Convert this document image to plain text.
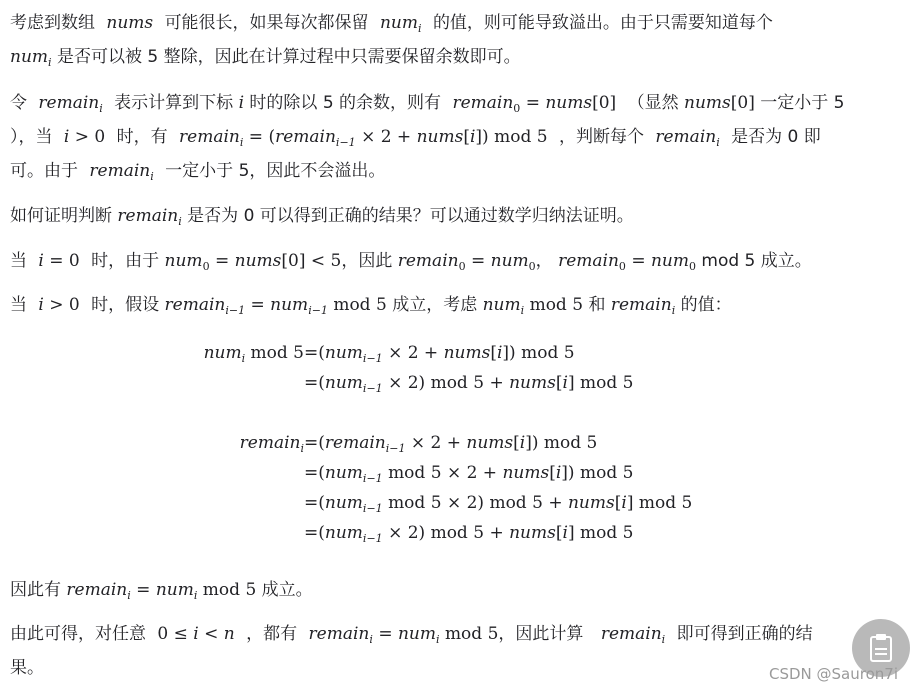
考虑到数组 nums 可能很长，如果每次都保留 num$_i$ 的值，则可能导致溢出。由于只需要知道每个
num$_i$ 是否可以被 5 整除，因此在计算过程中只需要保留余数即可。
令 remain$_i$ 表示计算到下标 i 时的除以 5 的余数，则有 remain$_0$ = nums[0] （显然 nums[0] 一定小于 5
），当 i > 0 时，有 remain$_i$ = (remain$_{i-1}$ × 2 + nums[i]) mod 5 ，判断每个 remain$_i$ 是否为 0 即
可。由于 remain$_i$ 一定小于 5，因此不会溢出。
如何证明判断 remain$_i$ 是否为 0 可以得到正确的结果？可以通过数学归纳法证明。
当 i = 0 时，由于 num$_0$ = nums[0] < 5，因此 remain$_0$ = num$_0$， remain$_0$ = num$_0$ mod 5 成立。
当 i > 0 时，假设 remain$_{i-1}$ = num$_{i-1}$ mod 5 成立，考虑 num$_i$ mod 5 和 remain$_i$ 的值：
num$_i$ mod 5 =(num$_{i-1}$ × 2 + nums[i]) mod 5
=(num$_{i-1}$ × 2) mod 5 + nums[i] mod 5
remain$_i$ =(remain$_{i-1}$ × 2 + nums[i]) mod 5
=(num$_{i-1}$ mod 5 × 2 + nums[i]) mod 5
=(num$_{i-1}$ mod 5 × 2) mod 5 + nums[i] mod 5
=(num$_{i-1}$ × 2) mod 5 + nums[i] mod 5
因此有 remain$_i$ = num$_i$ mod 5 成立。
由此可得，对任意 0 ≤ i < n ，都有 remain$_i$ = num$_i$ mod 5，因此计算 remain$_i$ 即可得到正确的结
果。	CSDN @Sauron7i
